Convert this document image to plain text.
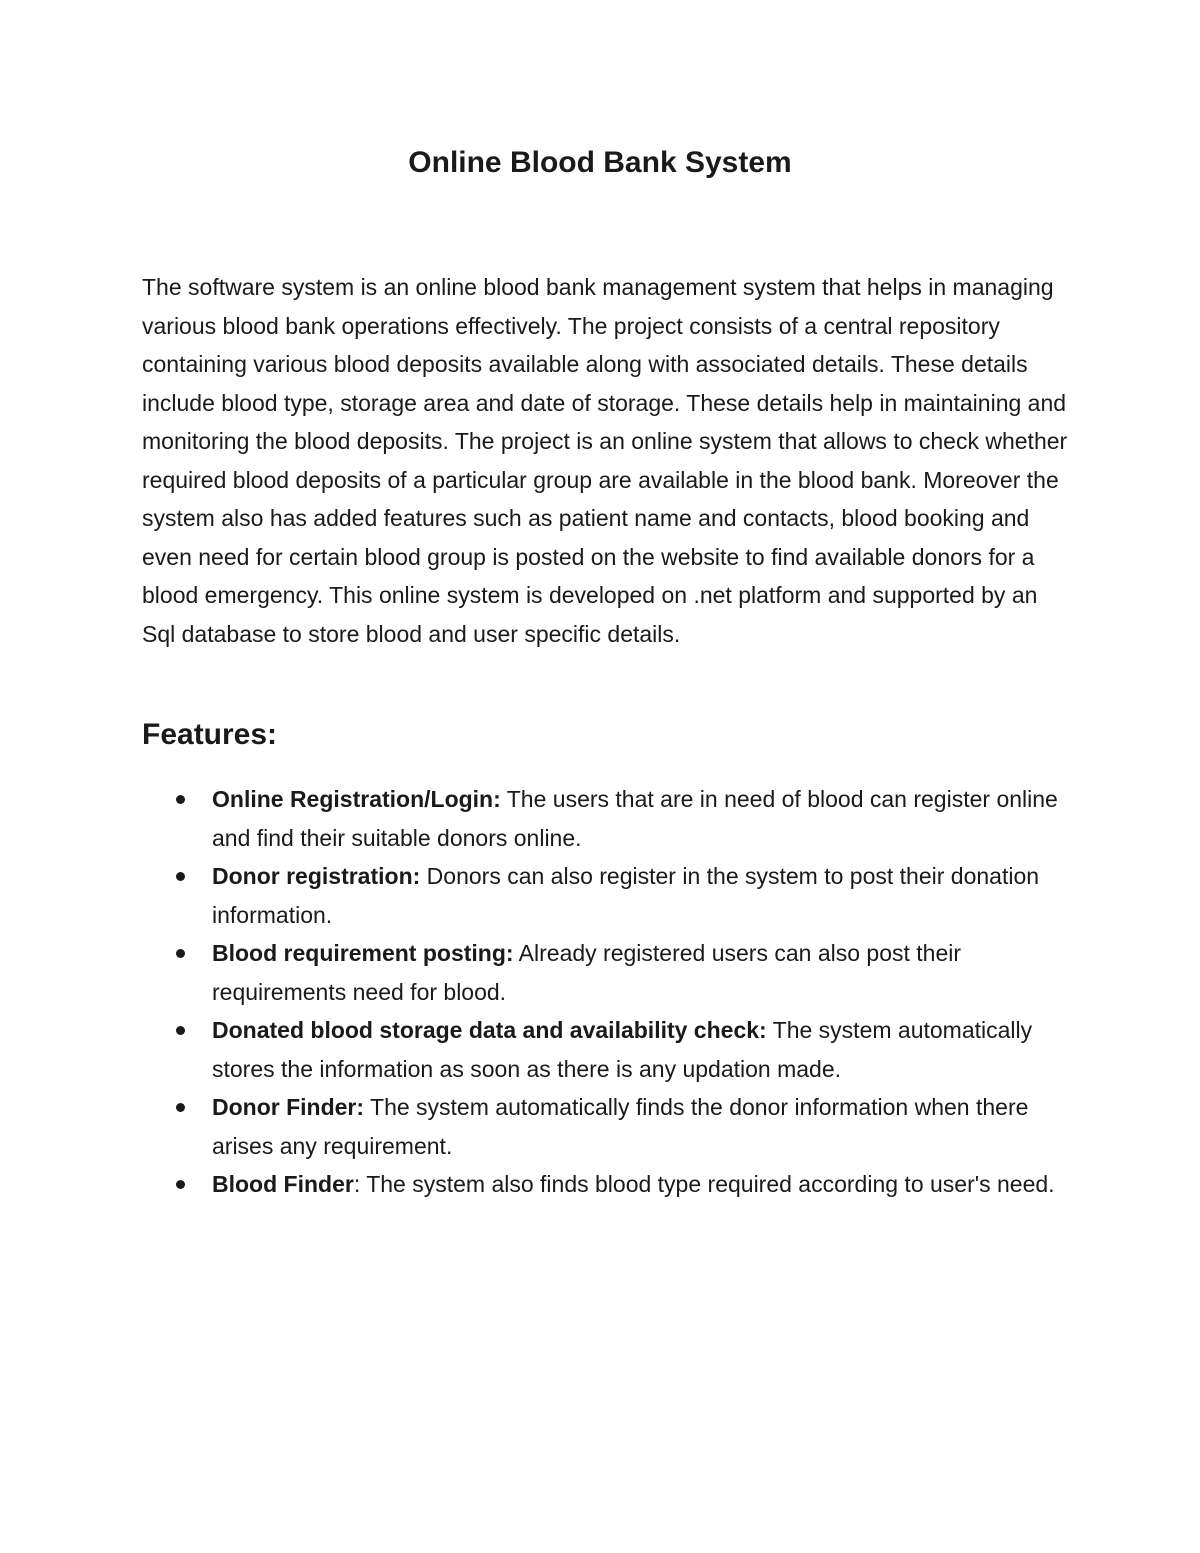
Online Blood Bank System

The software system is an online blood bank management system that helps in managing various blood bank operations effectively. The project consists of a central repository containing various blood deposits available along with associated details. These details include blood type, storage area and date of storage. These details help in maintaining and monitoring the blood deposits. The project is an online system that allows to check whether required blood deposits of a particular group are available in the blood bank. Moreover the system also has added features such as patient name and contacts, blood booking and even need for certain blood group is posted on the website to find available donors for a blood emergency. This online system is developed on .net platform and supported by an Sql database to store blood and user specific details.

Features:
Online Registration/Login: The users that are in need of blood can register online and find their suitable donors online.
Donor registration: Donors can also register in the system to post their donation information.
Blood requirement posting: Already registered users can also post their requirements need for blood.
Donated blood storage data and availability check: The system automatically stores the information as soon as there is any updation made.
Donor Finder: The system automatically finds the donor information when there arises any requirement.
Blood Finder: The system also finds blood type required according to user's need.
